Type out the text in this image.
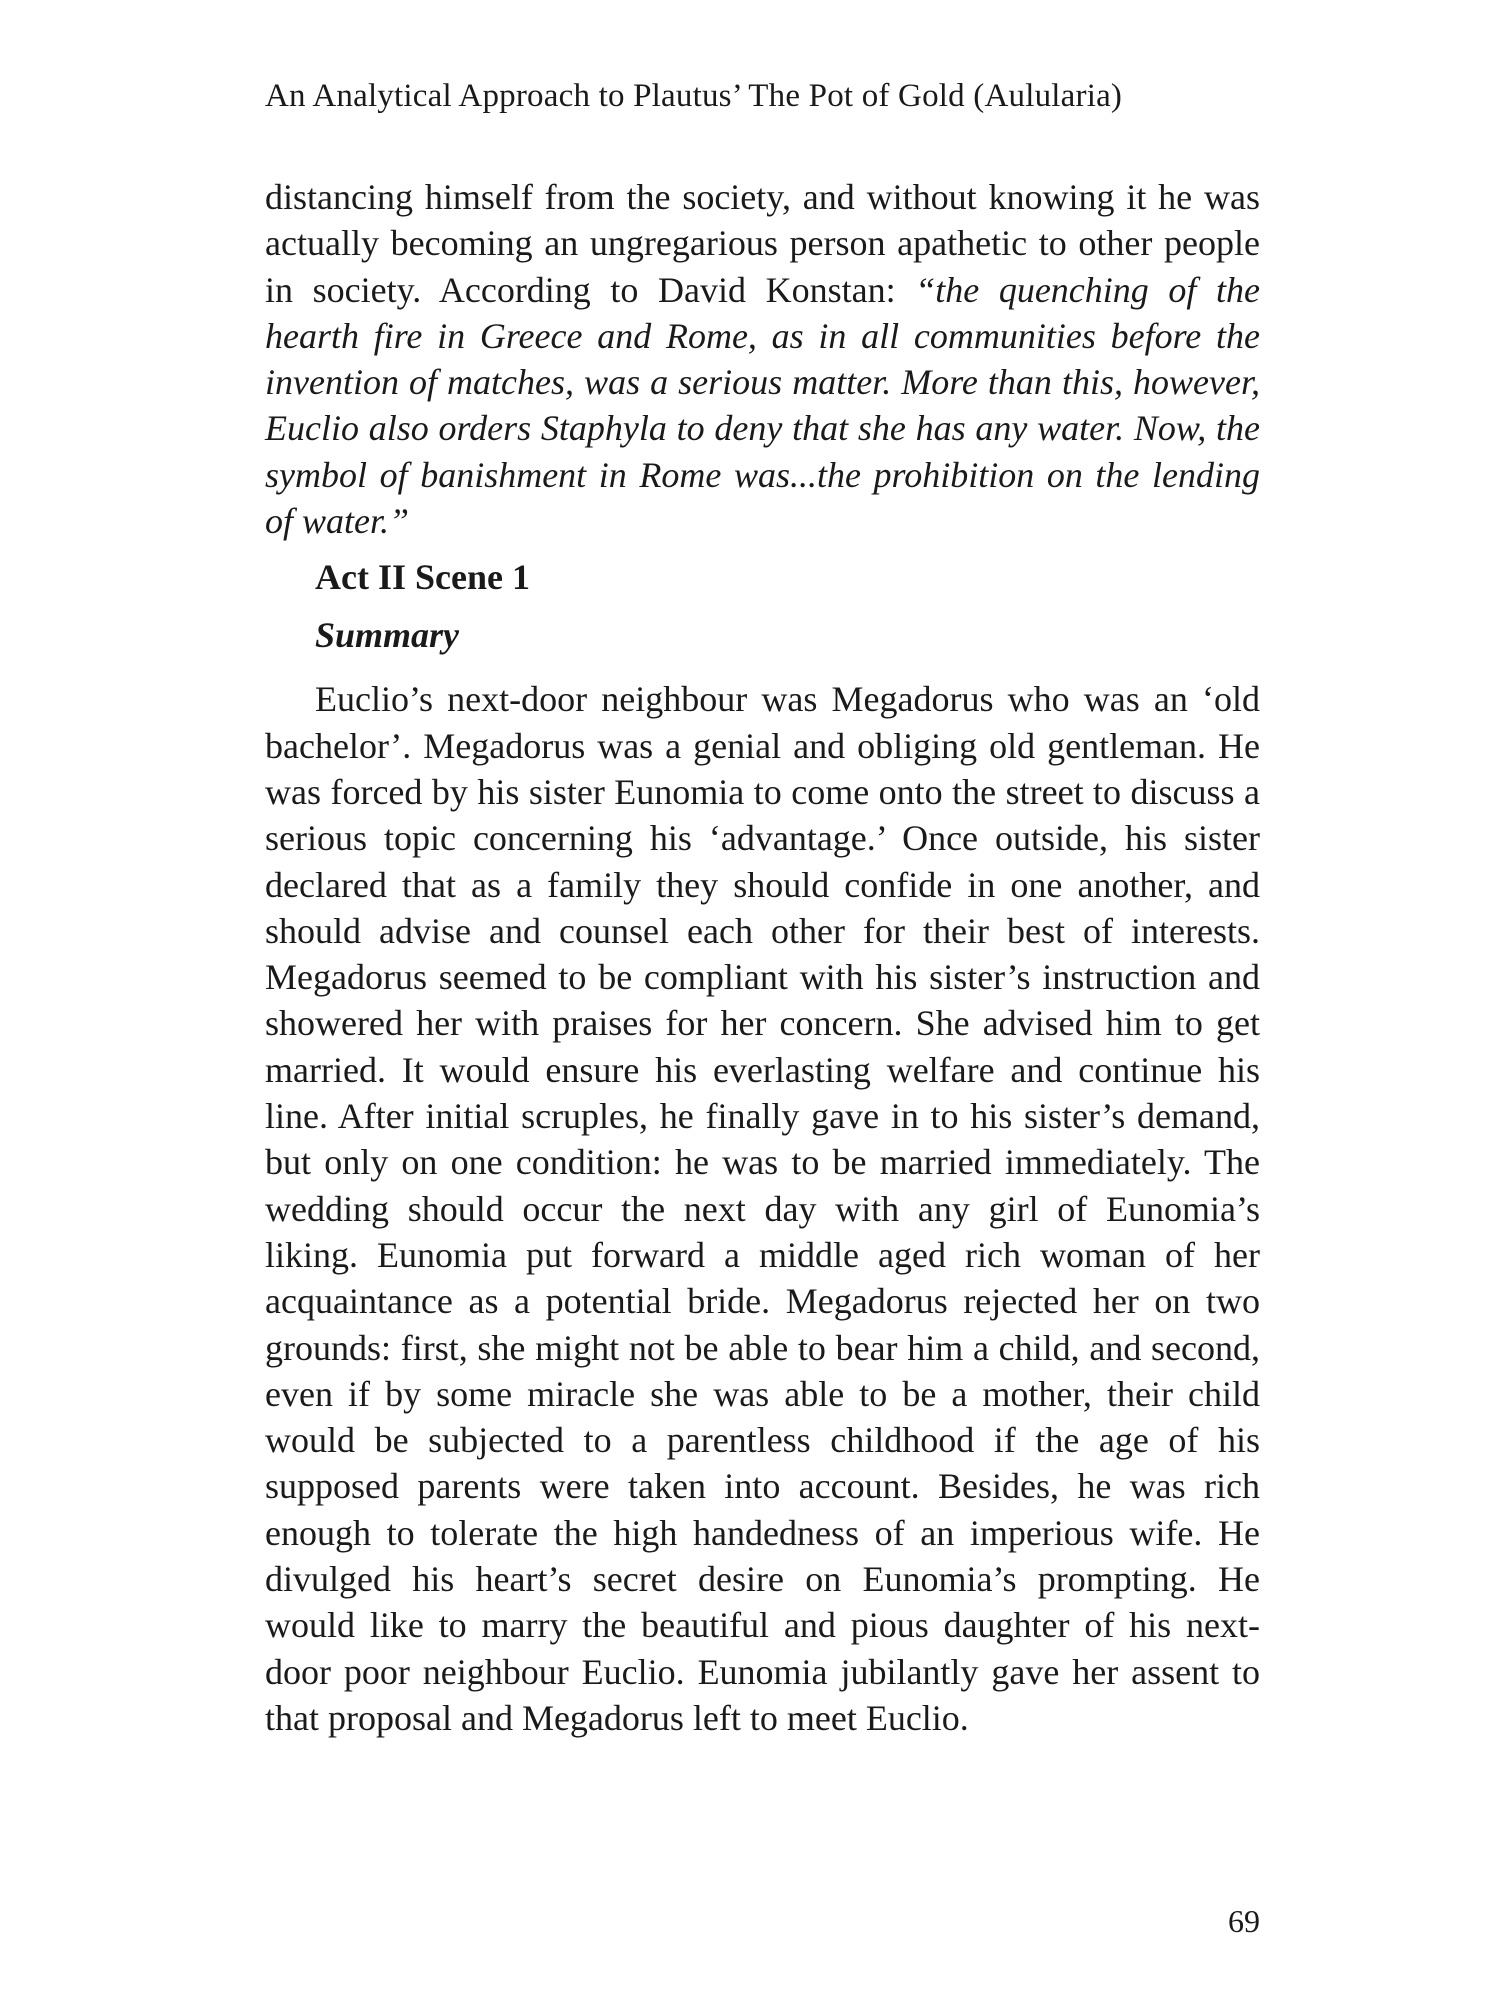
An Analytical Approach to Plautus’ The Pot of Gold (Aulularia)

distancing himself from the society, and without knowing it he was actually becoming an ungregarious person apathetic to other people in society. According to David Konstan: “the quenching of the hearth fire in Greece and Rome, as in all communities before the invention of matches, was a serious matter. More than this, however, Euclio also orders Staphyla to deny that she has any water. Now, the symbol of banishment in Rome was...the prohibition on the lending of water.”

Act II Scene 1
Summary

Euclio’s next-door neighbour was Megadorus who was an ‘old bachelor’. Megadorus was a genial and obliging old gentleman. He was forced by his sister Eunomia to come onto the street to discuss a serious topic concerning his ‘advantage.’ Once outside, his sister declared that as a family they should confide in one another, and should advise and counsel each other for their best of interests. Megadorus seemed to be compliant with his sister’s instruction and showered her with praises for her concern. She advised him to get married. It would ensure his everlasting welfare and continue his line. After initial scruples, he finally gave in to his sister’s demand, but only on one condition: he was to be married immediately. The wedding should occur the next day with any girl of Eunomia’s liking. Eunomia put forward a middle aged rich woman of her acquaintance as a potential bride. Megadorus rejected her on two grounds: first, she might not be able to bear him a child, and second, even if by some miracle she was able to be a mother, their child would be subjected to a parentless childhood if the age of his supposed parents were taken into account. Besides, he was rich enough to tolerate the high handedness of an imperious wife. He divulged his heart’s secret desire on Eunomia’s prompting. He would like to marry the beautiful and pious daughter of his next-door poor neighbour Euclio. Eunomia jubilantly gave her assent to that proposal and Megadorus left to meet Euclio.

69
